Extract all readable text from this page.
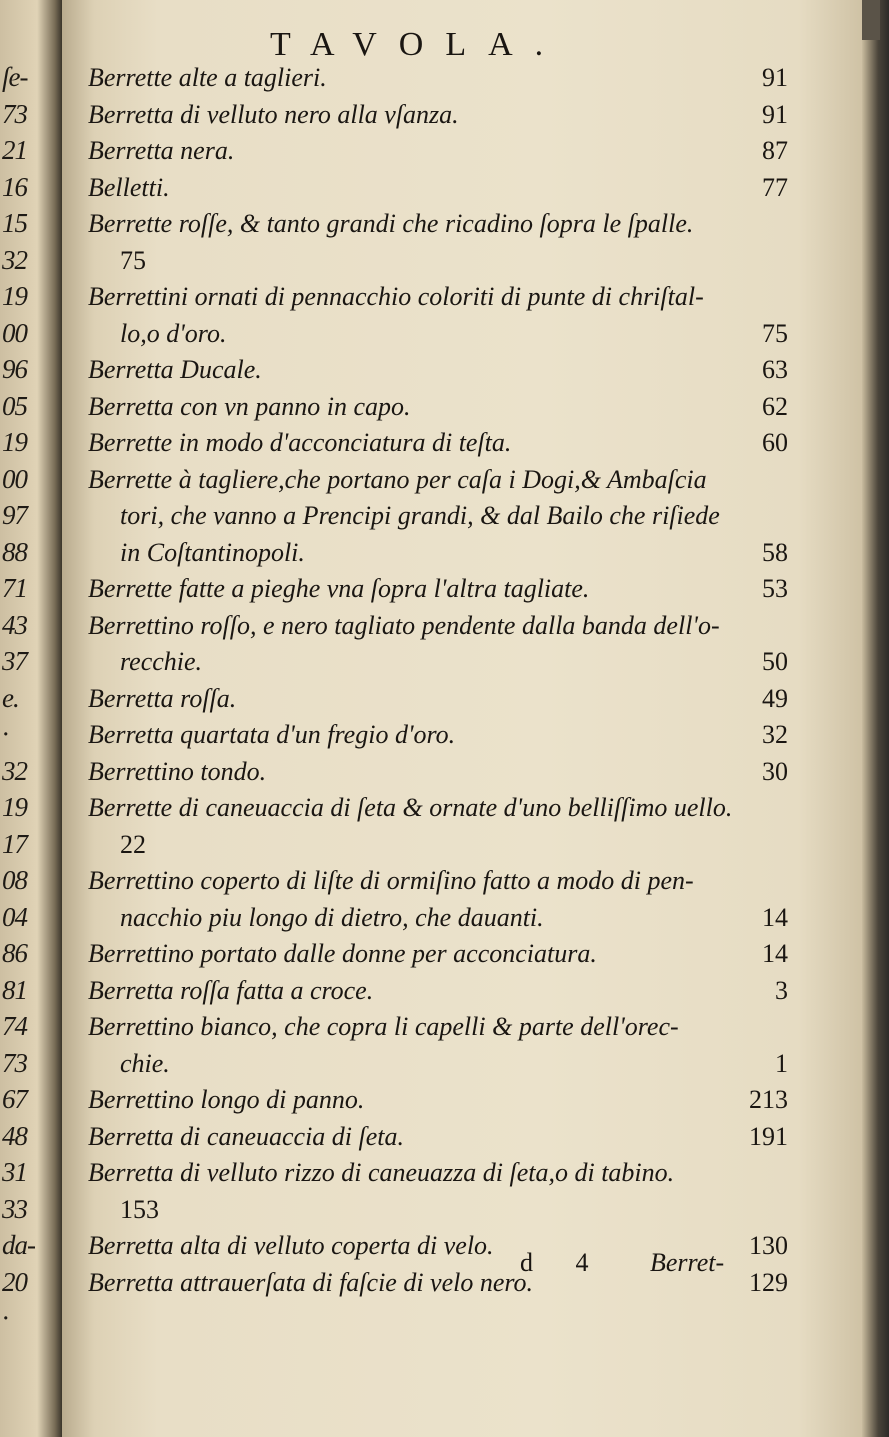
ſe-
73
21
16
15
32
19
00
96
05
19
00
97
88
71
43
37
e.
·
32
19
17
08
04
86
81
74
73
67
48
31
33
da-
20
·
TAVOLA.
Berrette alte a taglieri.	91
Berretta di velluto nero alla vſanza.	91
Berretta nera.	87
Belletti.	77
Berrette roſſe, & tanto grandi che ricadino ſopra le ſpalle.
75
Berrettini ornati di pennacchio coloriti di punte di chriſtal-
lo,o d'oro.	75
Berretta Ducale.	63
Berretta con vn panno in capo.	62
Berrette in modo d'acconciatura di teſta.	60
Berrette à tagliere,che portano per caſa i Dogi,& Ambaſcia
tori, che vanno a Prencipi grandi, & dal Bailo che riſiede
in Coſtantinopoli.	58
Berrette fatte a pieghe vna ſopra l'altra tagliate.	53
Berrettino roſſo, e nero tagliato pendente dalla banda dell'o-
recchie.	50
Berretta roſſa.	49
Berretta quartata d'un fregio d'oro.	32
Berrettino tondo.	30
Berrette di caneuaccia di ſeta & ornate d'uno belliſſimo uello.
22
Berrettino coperto di liſte di ormiſino fatto a modo di pen-
nacchio piu longo di dietro, che dauanti.	14
Berrettino portato dalle donne per acconciatura.	14
Berretta roſſa fatta a croce.	3
Berrettino bianco, che copra li capelli & parte dell'orec-
chie.	1
Berrettino longo di panno.	213
Berretta di caneuaccia di ſeta.	191
Berretta di velluto rizzo di caneuazza di ſeta,o di tabino.
153
Berretta alta di velluto coperta di velo.	130
Berretta attrauerſata di faſcie di velo nero.	129
d 4 Berret-
